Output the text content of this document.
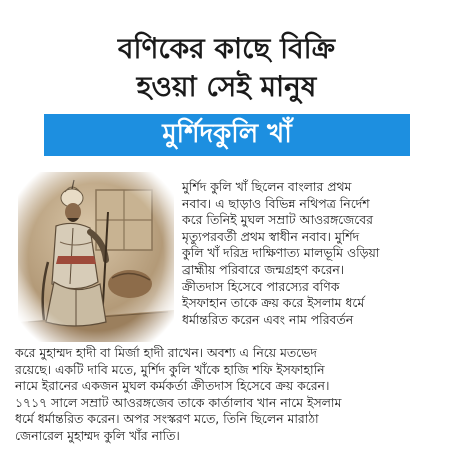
বণিকের কাছে বিক্রি
হওয়া সেই মানুষ
মুর্শিদকুলি খাঁ

মুর্শিদ কুলি খাঁ ছিলেন বাংলার প্রথম
নবাব। এ ছাড়াও বিভিন্ন নথিপত্র নির্দেশ
করে তিনিই মুঘল সম্রাট আওরঙ্গজেবের
মৃত্যুপরবর্তী প্রথম স্বাধীন নবাব। মুর্শিদ
কুলি খাঁ দরিদ্র দাক্ষিণাত্য মালভূমি ওড়িয়া
ব্রাহ্মীয় পরিবারে জন্মগ্রহণ করেন।
ক্রীতদাস হিসেবে পারস্যের বণিক
ইসফাহান তাকে ক্রয় করে ইসলাম ধর্মে
ধর্মান্তরিত করেন এবং নাম পরিবর্তন

করে মুহাম্মদ হাদী বা মির্জা হাদী রাখেন। অবশ্য এ নিয়ে মতভেদ
রয়েছে। একটি দাবি মতে, মুর্শিদ কুলি খাঁকে হাজি শফি ইসফাহানি
নামে ইরানের একজন মুঘল কর্মকর্তা ক্রীতদাস হিসেবে ক্রয় করেন।
১৭১৭ সালে সম্রাট আওরঙ্গজেব তাকে কার্তালাব খান নামে ইসলাম
ধর্মে ধর্মান্তরিত করেন। অপর সংস্করণ মতে, তিনি ছিলেন মারাঠা
জেনারেল মুহাম্মদ কুলি খাঁর নাতি।
